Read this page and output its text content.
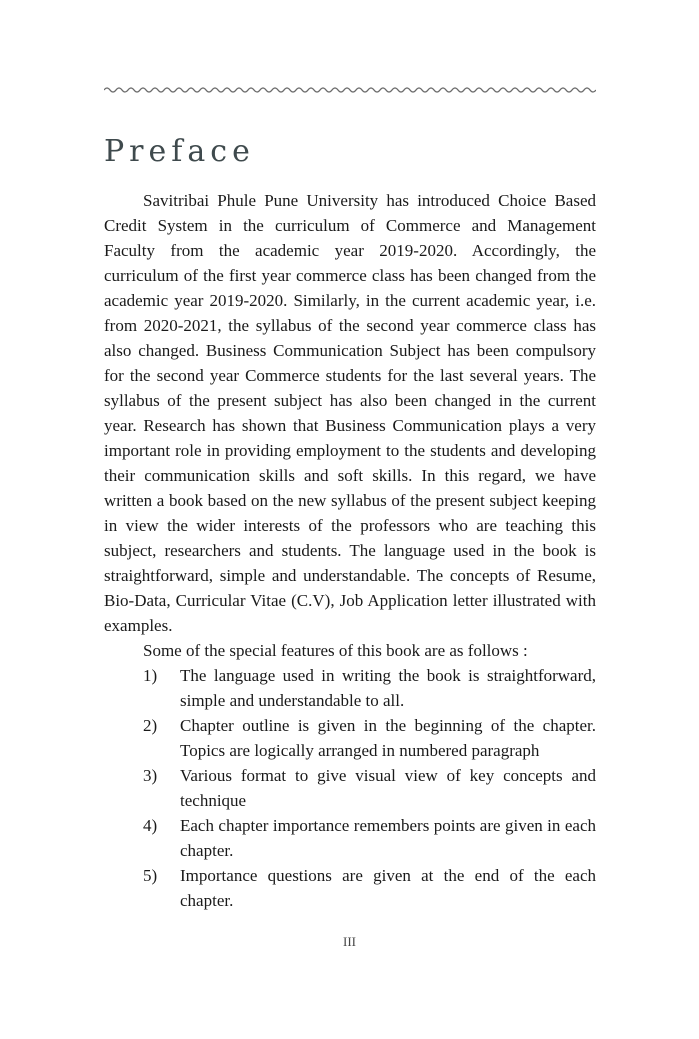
Preface

Savitribai Phule Pune University has introduced Choice Based Credit System in the curriculum of Commerce and Management Faculty from the academic year 2019-2020. Accordingly, the curriculum of the first year commerce class has been changed from the academic year 2019-2020. Similarly, in the current academic year, i.e. from 2020-2021, the syllabus of the second year commerce class has also changed. Business Communication Subject has been compulsory for the second year Commerce students for the last several years. The syllabus of the present subject has also been changed in the current year. Research has shown that Business Communication plays a very important role in providing employment to the students and developing their communication skills and soft skills. In this regard, we have written a book based on the new syllabus of the present subject keeping in view the wider interests of the professors who are teaching this subject, researchers and students. The language used in the book is straightforward, simple and understandable. The concepts of Resume, Bio-Data, Curricular Vitae (C.V), Job Application letter illustrated with examples.

Some of the special features of this book are as follows :

1) The language used in writing the book is straightforward, simple and understandable to all.
2) Chapter outline is given in the beginning of the chapter. Topics are logically arranged in numbered paragraph
3) Various format to give visual view of key concepts and technique
4) Each chapter importance remembers points are given in each chapter.
5) Importance questions are given at the end of the each chapter.
III
